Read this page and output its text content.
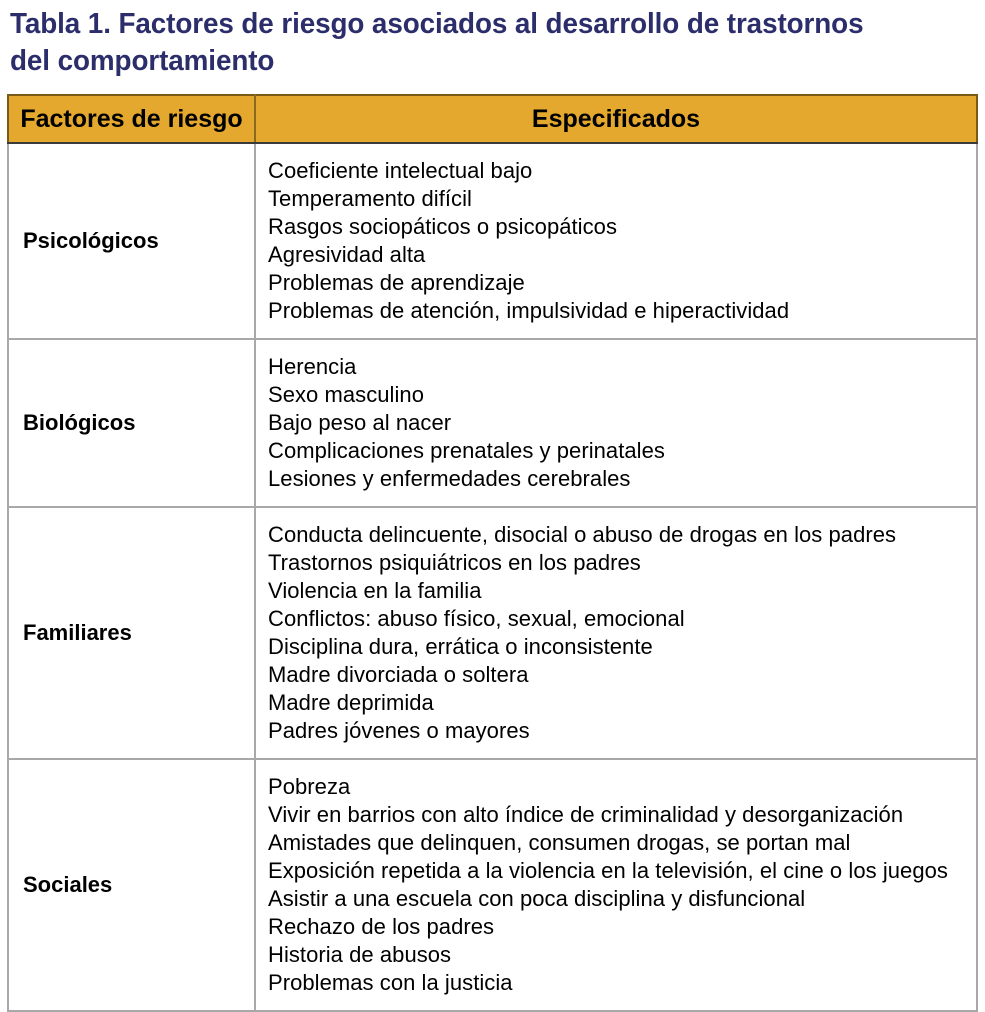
Tabla 1. Factores de riesgo asociados al desarrollo de trastornos
del comportamiento
Factores de riesgo	Especificados
Psicológicos	
Coeficiente intelectual bajo
Temperamento difícil
Rasgos sociopáticos o psicopáticos
Agresividad alta
Problemas de aprendizaje
Problemas de atención, impulsividad e hiperactividad

Biológicos	
Herencia
Sexo masculino
Bajo peso al nacer
Complicaciones prenatales y perinatales
Lesiones y enfermedades cerebrales

Familiares	
Conducta delincuente, disocial o abuso de drogas en los padres
Trastornos psiquiátricos en los padres
Violencia en la familia
Conflictos: abuso físico, sexual, emocional
Disciplina dura, errática o inconsistente
Madre divorciada o soltera
Madre deprimida
Padres jóvenes o mayores

Sociales	
Pobreza
Vivir en barrios con alto índice de criminalidad y desorganización
Amistades que delinquen, consumen drogas, se portan mal
Exposición repetida a la violencia en la televisión, el cine o los juegos
Asistir a una escuela con poca disciplina y disfuncional
Rechazo de los padres
Historia de abusos
Problemas con la justicia
